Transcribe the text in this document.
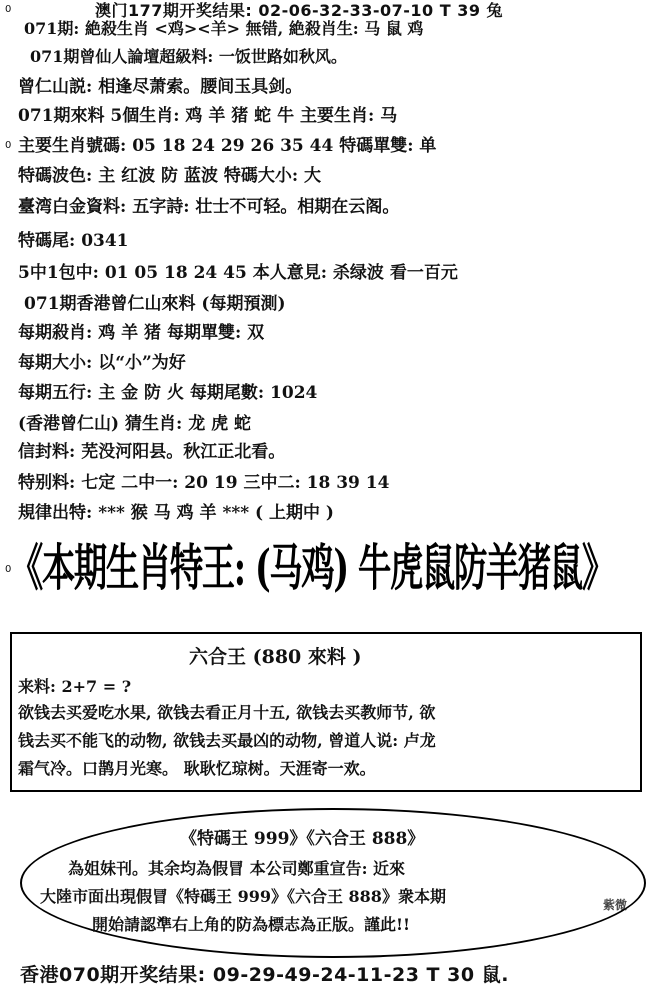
0
0
0
澳门177期开奖结果: 02-06-32-33-07-10 T 39 兔
071期: 絶殺生肖 <鸡><羊> 無错, 絶殺肖生: 马 鼠 鸡
071期曾仙人論壇超級料: 一饭世路如秋风。
曾仁山説: 相逢尽萧索。腰间玉具剑。
071期來料 5個生肖: 鸡 羊 猪 蛇 牛 主要生肖: 马
主要生肖號碼: 05 18 24 29 26 35 44 特碼單雙: 单
特碼波色: 主 红波 防 蓝波 特碼大小: 大
臺湾白金資料: 五字詩: 壮士不可轻。相期在云阁。
特碼尾: 0341
5中1包中: 01 05 18 24 45 本人意見: 杀绿波 看一百元
071期香港曾仁山來料 (每期預測)
每期殺肖: 鸡 羊 猪 每期單雙: 双
每期大小: 以“小”为好
每期五行: 主 金 防 火 每期尾數: 1024
(香港曾仁山) 猜生肖: 龙 虎 蛇
信封料: 芜没河阳县。秋江正北看。
特别料: 七定 二中一: 20 19 三中二: 18 39 14
規律出特: *** 猴 马 鸡 羊 *** ( 上期中 )
《本期生肖特王: (马鸡) 牛虎鼠防羊猪鼠》
六合王 (880 來料 )
来料: 2+7 = ?
欲钱去买爱吃水果, 欲钱去看正月十五, 欲钱去买教师节, 欲
钱去买不能飞的动物, 欲钱去买最凶的动物, 曾道人说: 卢龙
霜气冷。口鹊月光寒。 耿耿忆琼树。天涯寄一欢。
《特碼王 999》《六合王 888》
為姐妹刊。其余均為假冒 本公司鄭重宣告: 近來
大陸市面出現假冒《特碼王 999》《六合王 888》衆本期
開始請認準右上角的防為標志為正版。謹此!!
紫微
香港070期开奖结果: 09-29-49-24-11-23 T 30 鼠.
